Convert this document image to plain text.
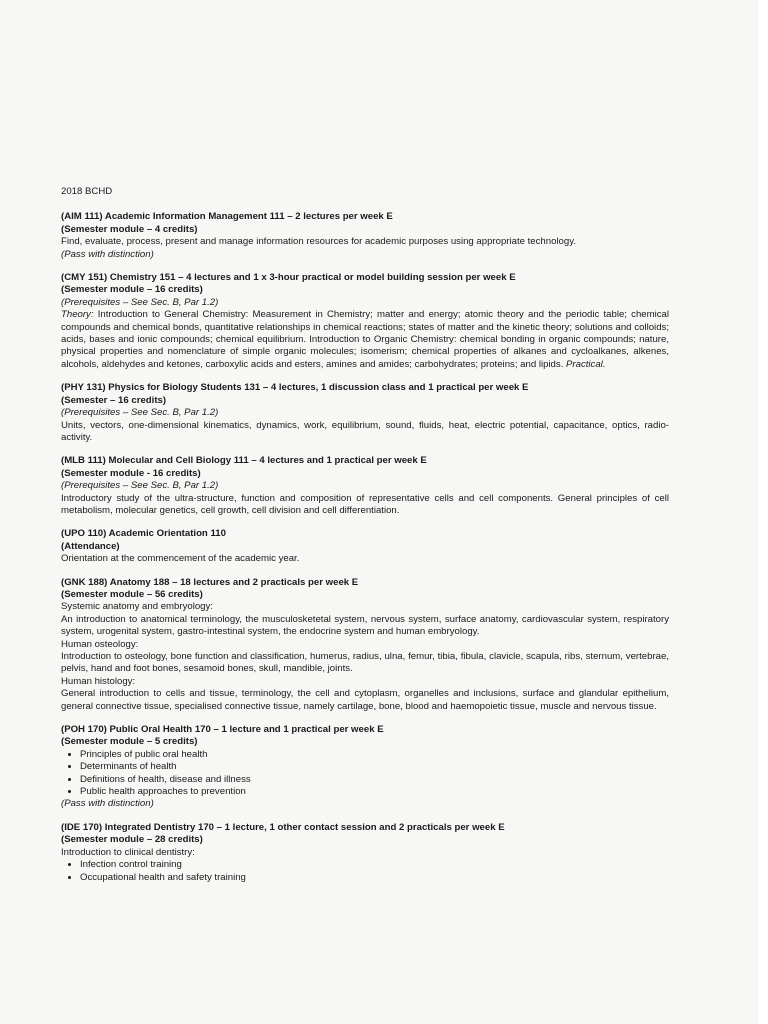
2018 BCHD
(AIM 111) Academic Information Management 111 – 2 lectures per week E
(Semester module – 4 credits)
Find, evaluate, process, present and manage information resources for academic purposes using appropriate technology.
(Pass with distinction)
(CMY 151) Chemistry 151 – 4 lectures and 1 x 3-hour practical or model building session per week E
(Semester module – 16 credits)
(Prerequisites – See Sec. B, Par 1.2)
Theory: Introduction to General Chemistry: Measurement in Chemistry; matter and energy; atomic theory and the periodic table; chemical compounds and chemical bonds, quantitative relationships in chemical reactions; states of matter and the kinetic theory; solutions and colloids; acids, bases and ionic compounds; chemical equilibrium. Introduction to Organic Chemistry: chemical bonding in organic compounds; nature, physical properties and nomenclature of simple organic molecules; isomerism; chemical properties of alkanes and cycloalkanes, alkenes, alcohols, aldehydes and ketones, carboxylic acids and esters, amines and amides; carbohydrates; proteins; and lipids. Practical.
(PHY 131) Physics for Biology Students 131 – 4 lectures, 1 discussion class and 1 practical per week E
(Semester – 16 credits)
(Prerequisites – See Sec. B, Par 1.2)
Units, vectors, one-dimensional kinematics, dynamics, work, equilibrium, sound, fluids, heat, electric potential, capacitance, optics, radio-activity.
(MLB 111) Molecular and Cell Biology 111 – 4 lectures and 1 practical per week E
(Semester module - 16 credits)
(Prerequisites – See Sec. B, Par 1.2)
Introductory study of the ultra-structure, function and composition of representative cells and cell components. General principles of cell metabolism, molecular genetics, cell growth, cell division and cell differentiation.
(UPO 110) Academic Orientation 110
(Attendance)
Orientation at the commencement of the academic year.
(GNK 188) Anatomy 188 – 18 lectures and 2 practicals per week E
(Semester module – 56 credits)
Systemic anatomy and embryology:
An introduction to anatomical terminology, the musculosketetal system, nervous system, surface anatomy, cardiovascular system, respiratory system, urogenital system, gastro-intestinal system, the endocrine system and human embryology.
Human osteology:
Introduction to osteology, bone function and classification, humerus, radius, ulna, femur, tibia, fibula, clavicle, scapula, ribs, sternum, vertebrae, pelvis, hand and foot bones, sesamoid bones, skull, mandible, joints.
Human histology:
General introduction to cells and tissue, terminology, the cell and cytoplasm, organelles and inclusions, surface and glandular epithelium, general connective tissue, specialised connective tissue, namely cartilage, bone, blood and haemopoietic tissue, muscle and nervous tissue.
(POH 170) Public Oral Health 170 – 1 lecture and 1 practical per week E
(Semester module – 5 credits)
• Principles of public oral health
• Determinants of health
• Definitions of health, disease and illness
• Public health approaches to prevention
(Pass with distinction)
(IDE 170) Integrated Dentistry 170 – 1 lecture, 1 other contact session and 2 practicals per week E
(Semester module – 28 credits)
Introduction to clinical dentistry:
• Infection control training
• Occupational health and safety training
